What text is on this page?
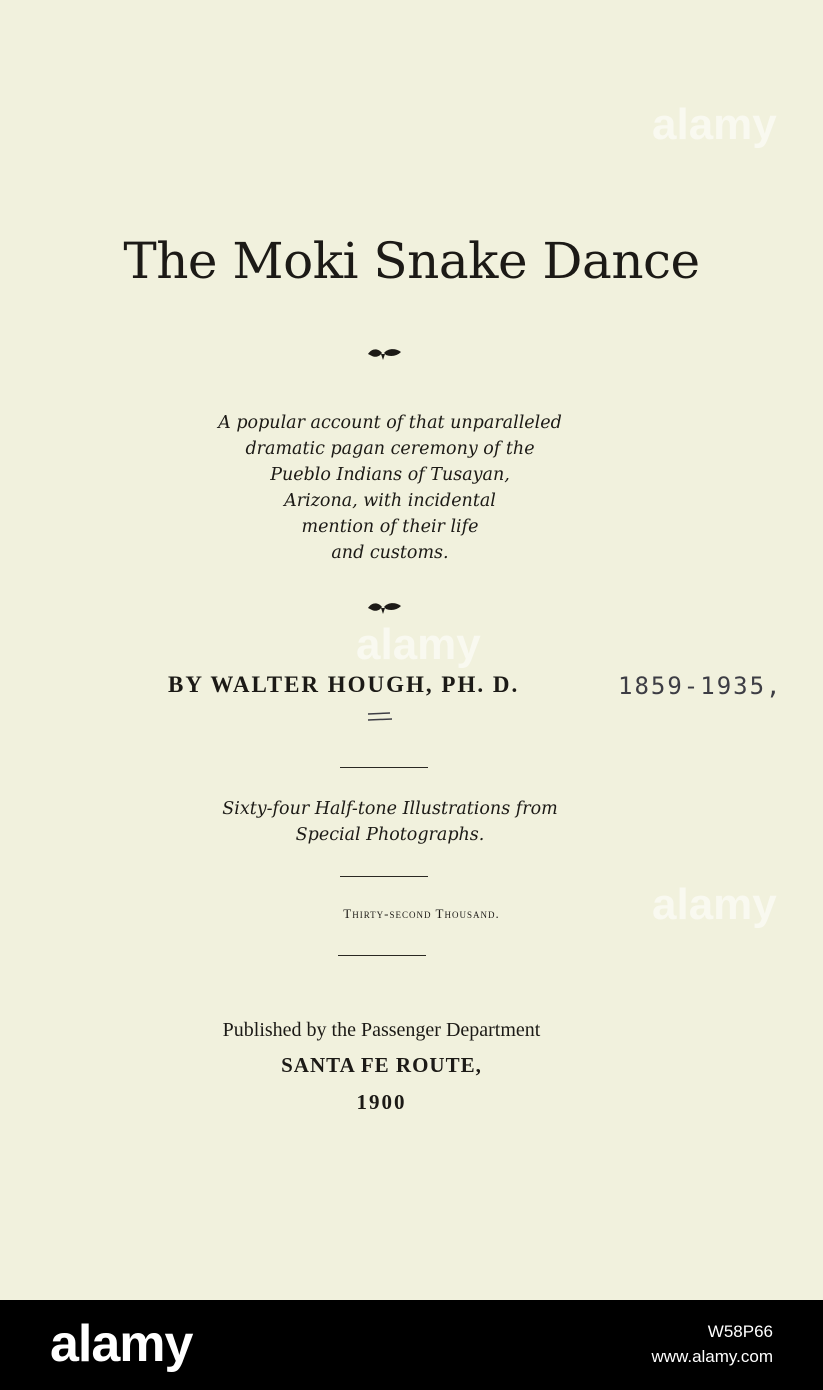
alamy
alamy
alamy
The Moki Snake Dance
A popular account of that unparalleled
dramatic pagan ceremony of the
Pueblo Indians of Tusayan,
Arizona, with incidental
mention of their life
and customs.
BY WALTER HOUGH, PH. D.	1859-1935,
Sixty-four Half-tone Illustrations from
Special Photographs.
Thirty-second Thousand.
Published by the Passenger Department
SANTA FE ROUTE,
1900
alamy	W58P66
www.alamy.com
